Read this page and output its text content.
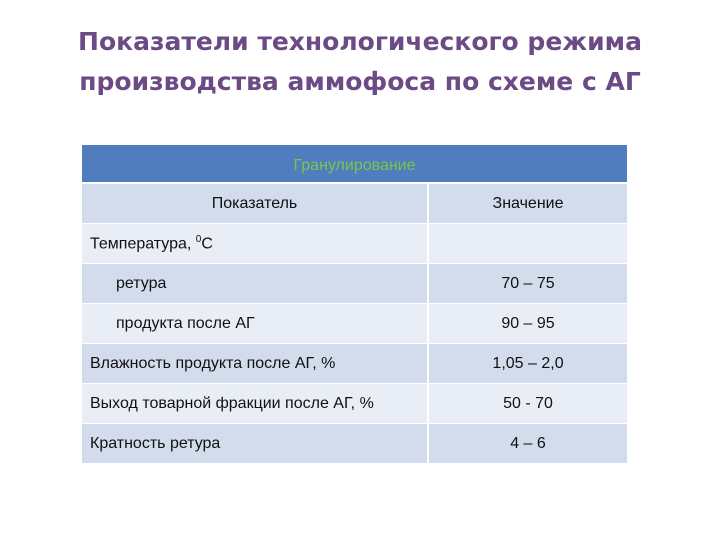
Показатели технологического режима производства аммофоса по схеме с АГ
Гранулирование	
Показатель	Значение
Температура, $^0$С	
ретура	70 – 75
продукта после АГ	90 – 95
Влажность продукта после АГ, %	1,05 – 2,0
Выход товарной фракции после АГ, %	50 - 70
Кратность ретура	4 – 6
